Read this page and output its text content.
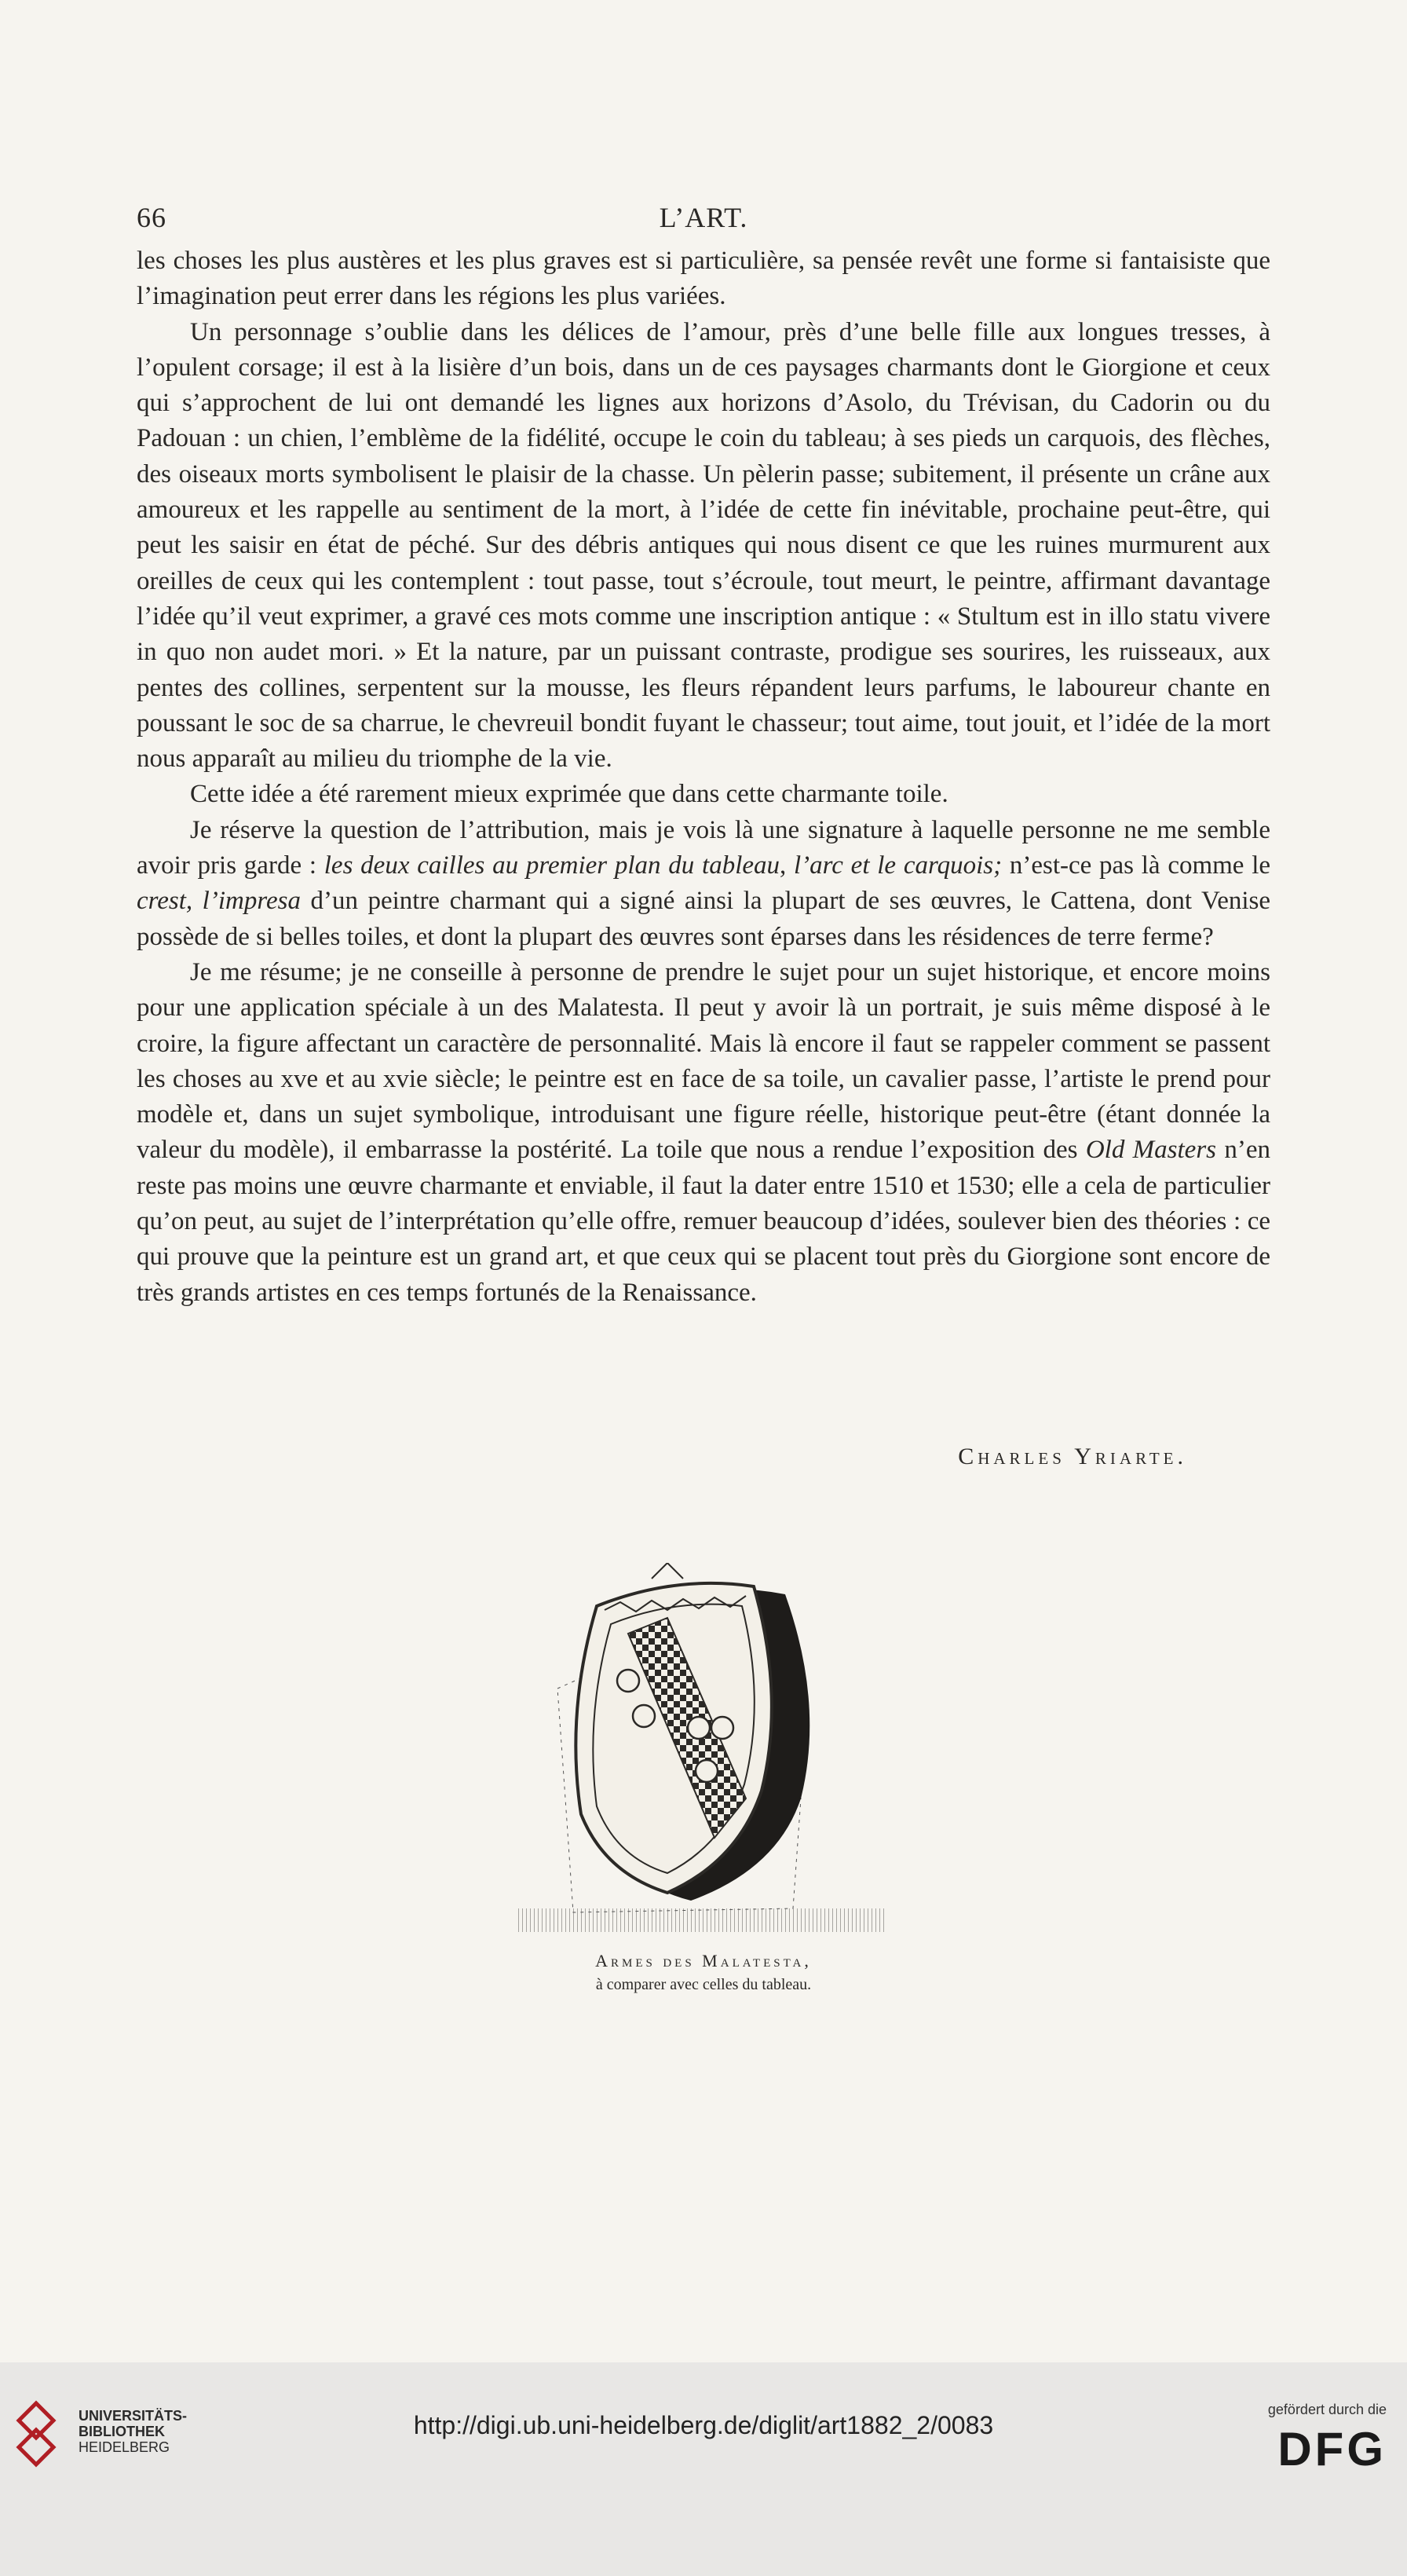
66	L’ART.

les choses les plus austères et les plus graves est si particulière, sa pensée revêt une forme si fantaisiste que l’imagination peut errer dans les régions les plus variées.

Un personnage s’oublie dans les délices de l’amour, près d’une belle fille aux longues tresses, à l’opulent corsage; il est à la lisière d’un bois, dans un de ces paysages charmants dont le Giorgione et ceux qui s’approchent de lui ont demandé les lignes aux horizons d’Asolo, du Trévisan, du Cadorin ou du Padouan : un chien, l’emblème de la fidélité, occupe le coin du tableau; à ses pieds un carquois, des flèches, des oiseaux morts symbolisent le plaisir de la chasse. Un pèlerin passe; subitement, il présente un crâne aux amoureux et les rappelle au sentiment de la mort, à l’idée de cette fin inévitable, prochaine peut-être, qui peut les saisir en état de péché. Sur des débris antiques qui nous disent ce que les ruines murmurent aux oreilles de ceux qui les contemplent : tout passe, tout s’écroule, tout meurt, le peintre, affirmant davantage l’idée qu’il veut exprimer, a gravé ces mots comme une inscription antique : « Stultum est in illo statu vivere in quo non audet mori. » Et la nature, par un puissant contraste, prodigue ses sourires, les ruisseaux, aux pentes des collines, serpentent sur la mousse, les fleurs répandent leurs parfums, le laboureur chante en poussant le soc de sa charrue, le chevreuil bondit fuyant le chasseur; tout aime, tout jouit, et l’idée de la mort nous apparaît au milieu du triomphe de la vie.

Cette idée a été rarement mieux exprimée que dans cette charmante toile.

Je réserve la question de l’attribution, mais je vois là une signature à laquelle personne ne me semble avoir pris garde : les deux cailles au premier plan du tableau, l’arc et le carquois; n’est-ce pas là comme le crest, l’impresa d’un peintre charmant qui a signé ainsi la plupart de ses œuvres, le Cattena, dont Venise possède de si belles toiles, et dont la plupart des œuvres sont éparses dans les résidences de terre ferme?

Je me résume; je ne conseille à personne de prendre le sujet pour un sujet historique, et encore moins pour une application spéciale à un des Malatesta. Il peut y avoir là un portrait, je suis même disposé à le croire, la figure affectant un caractère de personnalité. Mais là encore il faut se rappeler comment se passent les choses au xve et au xvie siècle; le peintre est en face de sa toile, un cavalier passe, l’artiste le prend pour modèle et, dans un sujet symbolique, introduisant une figure réelle, historique peut-être (étant donnée la valeur du modèle), il embarrasse la postérité. La toile que nous a rendue l’exposition des Old Masters n’en reste pas moins une œuvre charmante et enviable, il faut la dater entre 1510 et 1530; elle a cela de particulier qu’on peut, au sujet de l’interprétation qu’elle offre, remuer beaucoup d’idées, soulever bien des théories : ce qui prouve que la peinture est un grand art, et que ceux qui se placent tout près du Giorgione sont encore de très grands artistes en ces temps fortunés de la Renaissance.

Charles Yriarte.
Armes des Malatesta,
à comparer avec celles du tableau.
UNIVERSITÄTS-
BIBLIOTHEK
HEIDELBERG
http://digi.ub.uni-heidelberg.de/diglit/art1882_2/0083
gefördert durch die
DFG
